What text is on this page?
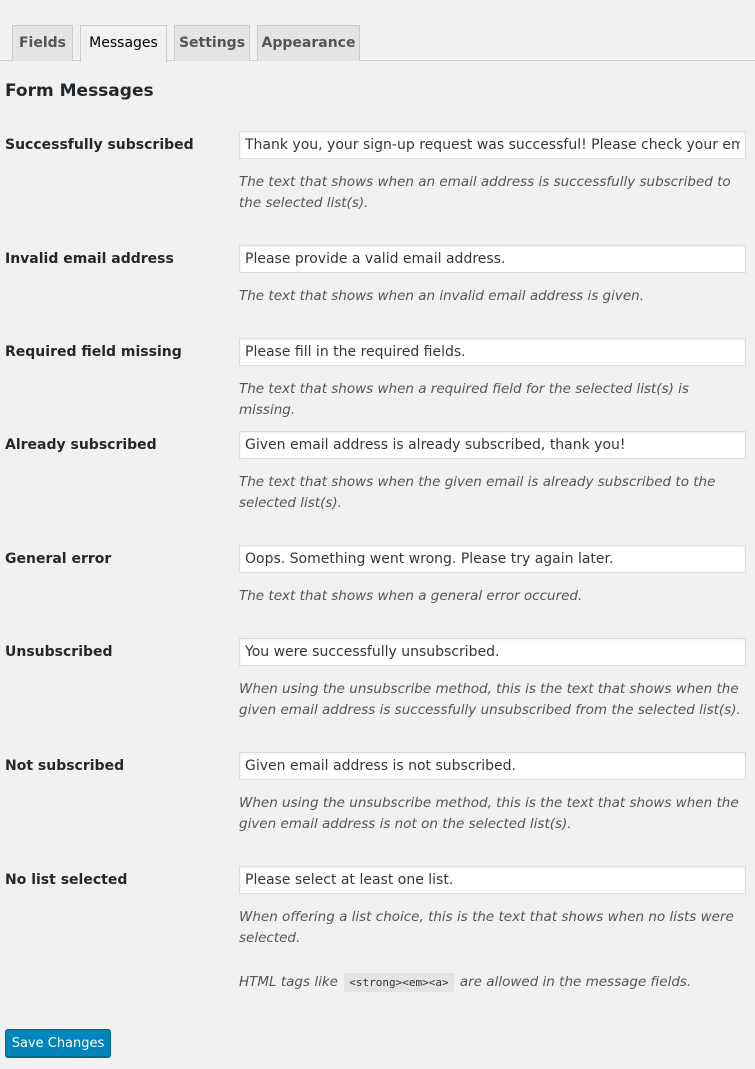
Fields	Messages	Settings	Appearance
Form Messages
Successfully subscribed
Thank you, your sign-up request was successful! Please check your email inbox to confirm.

The text that shows when an email address is successfully subscribed to the selected list(s).

Invalid email address
Please provide a valid email address.

The text that shows when an invalid email address is given.

Required field missing
Please fill in the required fields.

The text that shows when a required field for the selected list(s) is missing.

Already subscribed
Given email address is already subscribed, thank you!

The text that shows when the given email is already subscribed to the selected list(s).

General error
Oops. Something went wrong. Please try again later.

The text that shows when a general error occured.

Unsubscribed
You were successfully unsubscribed.

When using the unsubscribe method, this is the text that shows when the given email address is successfully unsubscribed from the selected list(s).

Not subscribed
Given email address is not subscribed.

When using the unsubscribe method, this is the text that shows when the given email address is not on the selected list(s).

No list selected
Please select at least one list.

When offering a list choice, this is the text that shows when no lists were selected.

HTML tags like <strong><em><a> are allowed in the message fields.
Save Changes
